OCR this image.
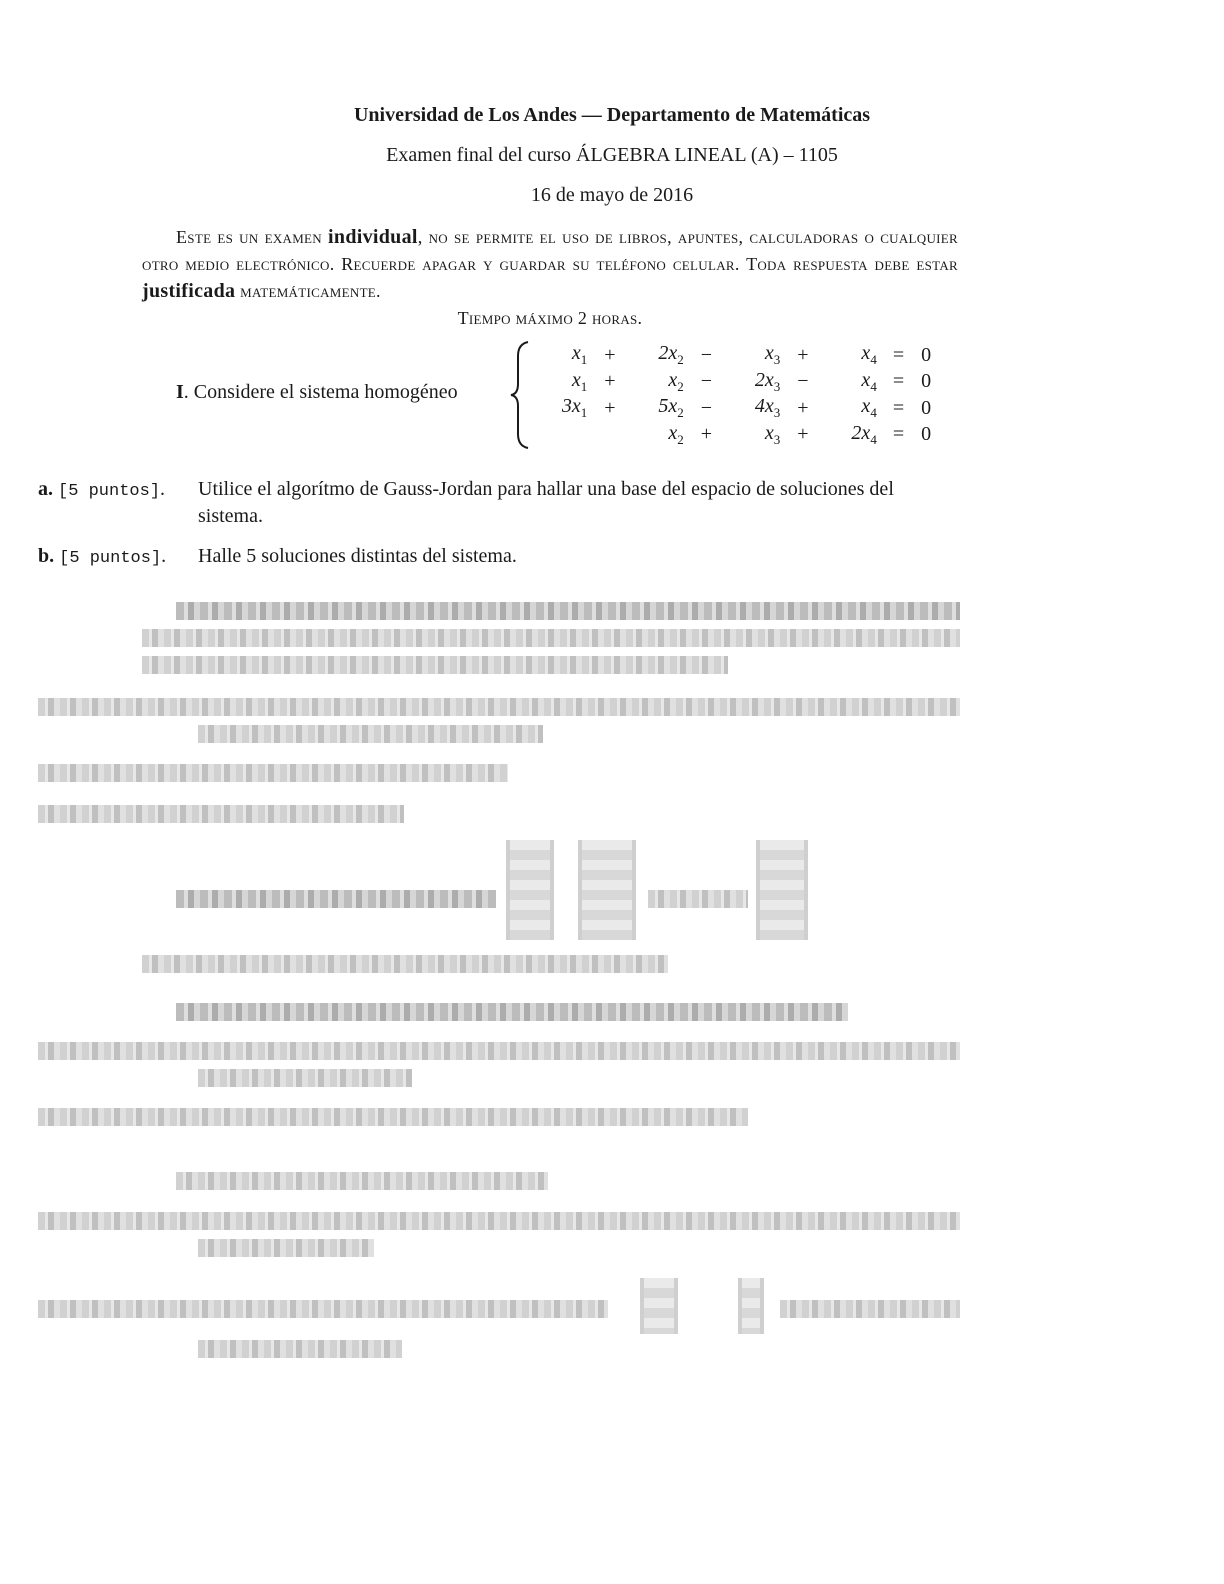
Universidad de Los Andes — Departamento de Matemáticas
Examen final del curso ÁLGEBRA LINEAL (A) – 1105
16 de mayo de 2016

Este es un examen individual, no se permite el uso de libros, apuntes, calculadoras o cualquier otro medio electrónico. Recuerde apagar y guardar su teléfono celular. Toda respuesta debe estar justificada matemáticamente.

Tiempo máximo 2 horas.

I. Considere el sistema homogéneo
$x_1$	+	$2x_2$	−	$x_3$	+	$x_4$	=	0
$x_1$	+	$x_2$	−	$2x_3$	−	$x_4$	=	0
$3x_1$	+	$5x_2$	−	$4x_3$	+	$x_4$	=	0
		$x_2$	+	$x_3$	+	$2x_4$	=	0
a. [5 puntos]. Utilice el algorítmo de Gauss-Jordan para hallar una base del espacio de soluciones del sistema.
b. [5 puntos]. Halle 5 soluciones distintas del sistema.
